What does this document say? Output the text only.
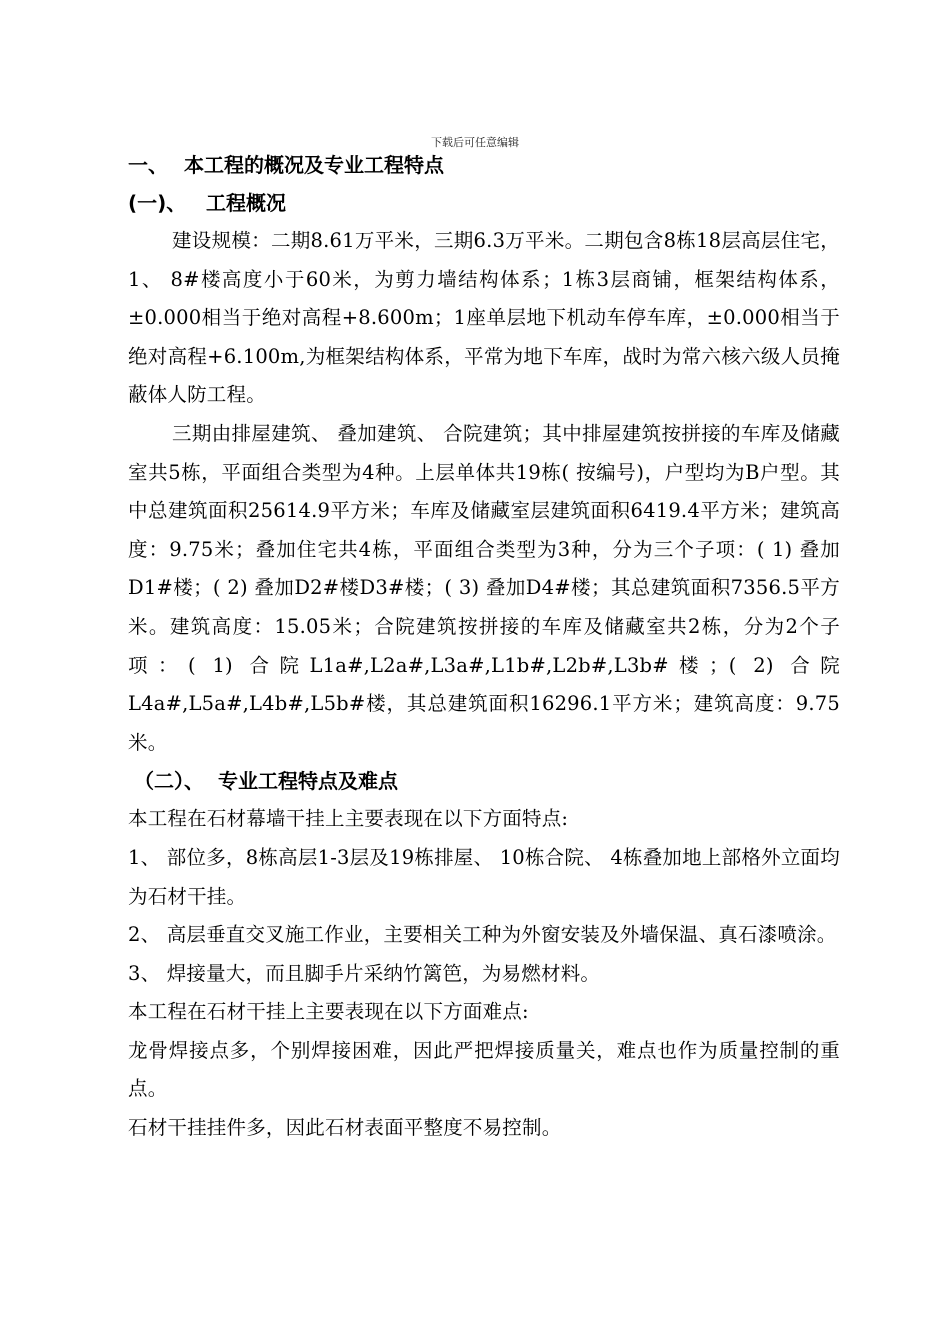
下载后可任意编辑
一、 本工程的概况及专业工程特点
(一)、 工程概况

建设规模：二期8.61万平米，三期6.3万平米。二期包含8栋18层高层住宅，1、 8#楼高度小于60米，为剪力墙结构体系；1栋3层商铺，框架结构体系，±0.000相当于绝对高程+8.600m；1座单层地下机动车停车库，±0.000相当于绝对高程+6.100m,为框架结构体系，平常为地下车库，战时为常六核六级人员掩蔽体人防工程。

三期由排屋建筑、 叠加建筑、 合院建筑；其中排屋建筑按拼接的车库及储藏室共5栋，平面组合类型为4种。上层单体共19栋( 按编号)，户型均为B户型。其中总建筑面积25614.9平方米；车库及储藏室层建筑面积6419.4平方米；建筑高度：9.75米；叠加住宅共4栋，平面组合类型为3种，分为三个子项：( 1) 叠加D1#楼；( 2) 叠加D2#楼D3#楼；( 3) 叠加D4#楼；其总建筑面积7356.5平方米。建筑高度：15.05米；合院建筑按拼接的车库及储藏室共2栋，分为2个子项：( 1) 合院L1a#,L2a#,L3a#,L1b#,L2b#,L3b#楼；( 2) 合院L4a#,L5a#,L4b#,L5b#楼，其总建筑面积16296.1平方米；建筑高度：9.75米。

（二）、 专业工程特点及难点

本工程在石材幕墙干挂上主要表现在以下方面特点:

1、 部位多，8栋高层1-3层及19栋排屋、 10栋合院、 4栋叠加地上部格外立面均为石材干挂。

2、 高层垂直交叉施工作业，主要相关工种为外窗安装及外墙保温、真石漆喷涂。

3、 焊接量大，而且脚手片采纳竹篱笆，为易燃材料。

本工程在石材干挂上主要表现在以下方面难点:

龙骨焊接点多，个别焊接困难，因此严把焊接质量关，难点也作为质量控制的重点。

石材干挂挂件多，因此石材表面平整度不易控制。
